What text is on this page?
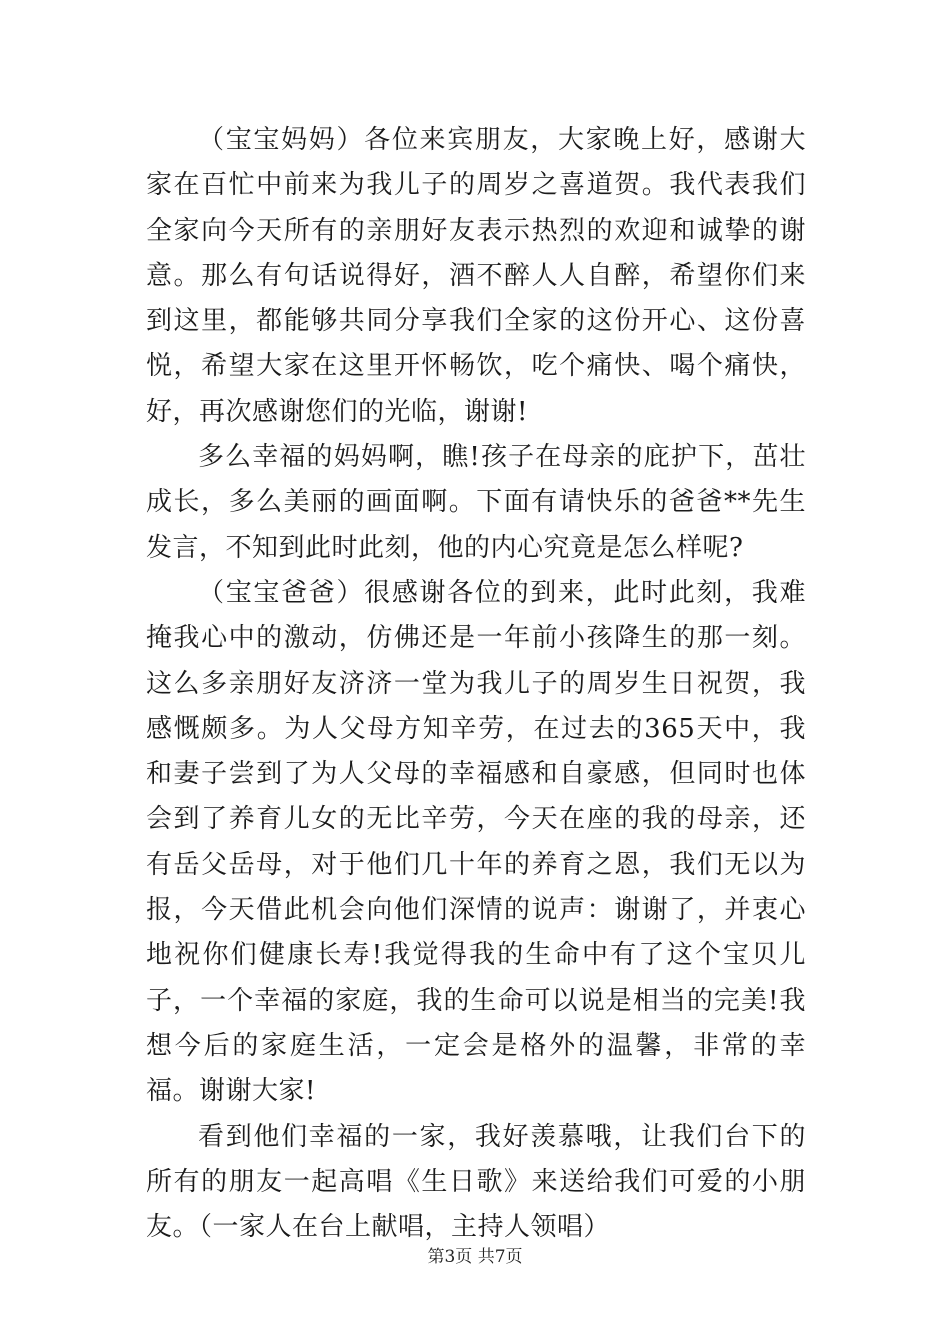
（宝宝妈妈）各位来宾朋友，大家晚上好，感谢大家在百忙中前来为我儿子的周岁之喜道贺。我代表我们全家向今天所有的亲朋好友表示热烈的欢迎和诚挚的谢意。那么有句话说得好，酒不醉人人自醉，希望你们来到这里，都能够共同分享我们全家的这份开心、这份喜悦，希望大家在这里开怀畅饮，吃个痛快、喝个痛快，好，再次感谢您们的光临，谢谢!

多么幸福的妈妈啊，瞧!孩子在母亲的庇护下，茁壮成长，多么美丽的画面啊。下面有请快乐的爸爸**先生发言，不知到此时此刻，他的内心究竟是怎么样呢?

（宝宝爸爸）很感谢各位的到来，此时此刻，我难掩我心中的激动，仿佛还是一年前小孩降生的那一刻。这么多亲朋好友济济一堂为我儿子的周岁生日祝贺，我感慨颇多。为人父母方知辛劳，在过去的365天中，我和妻子尝到了为人父母的幸福感和自豪感，但同时也体会到了养育儿女的无比辛劳，今天在座的我的母亲，还有岳父岳母，对于他们几十年的养育之恩，我们无以为报，今天借此机会向他们深情的说声：谢谢了，并衷心地祝你们健康长寿!我觉得我的生命中有了这个宝贝儿子，一个幸福的家庭，我的生命可以说是相当的完美!我想今后的家庭生活，一定会是格外的温馨，非常的幸福。谢谢大家!

看到他们幸福的一家，我好羡慕哦，让我们台下的所有的朋友一起高唱《生日歌》来送给我们可爱的小朋友。（一家人在台上献唱，主持人领唱）

第3页 共7页
